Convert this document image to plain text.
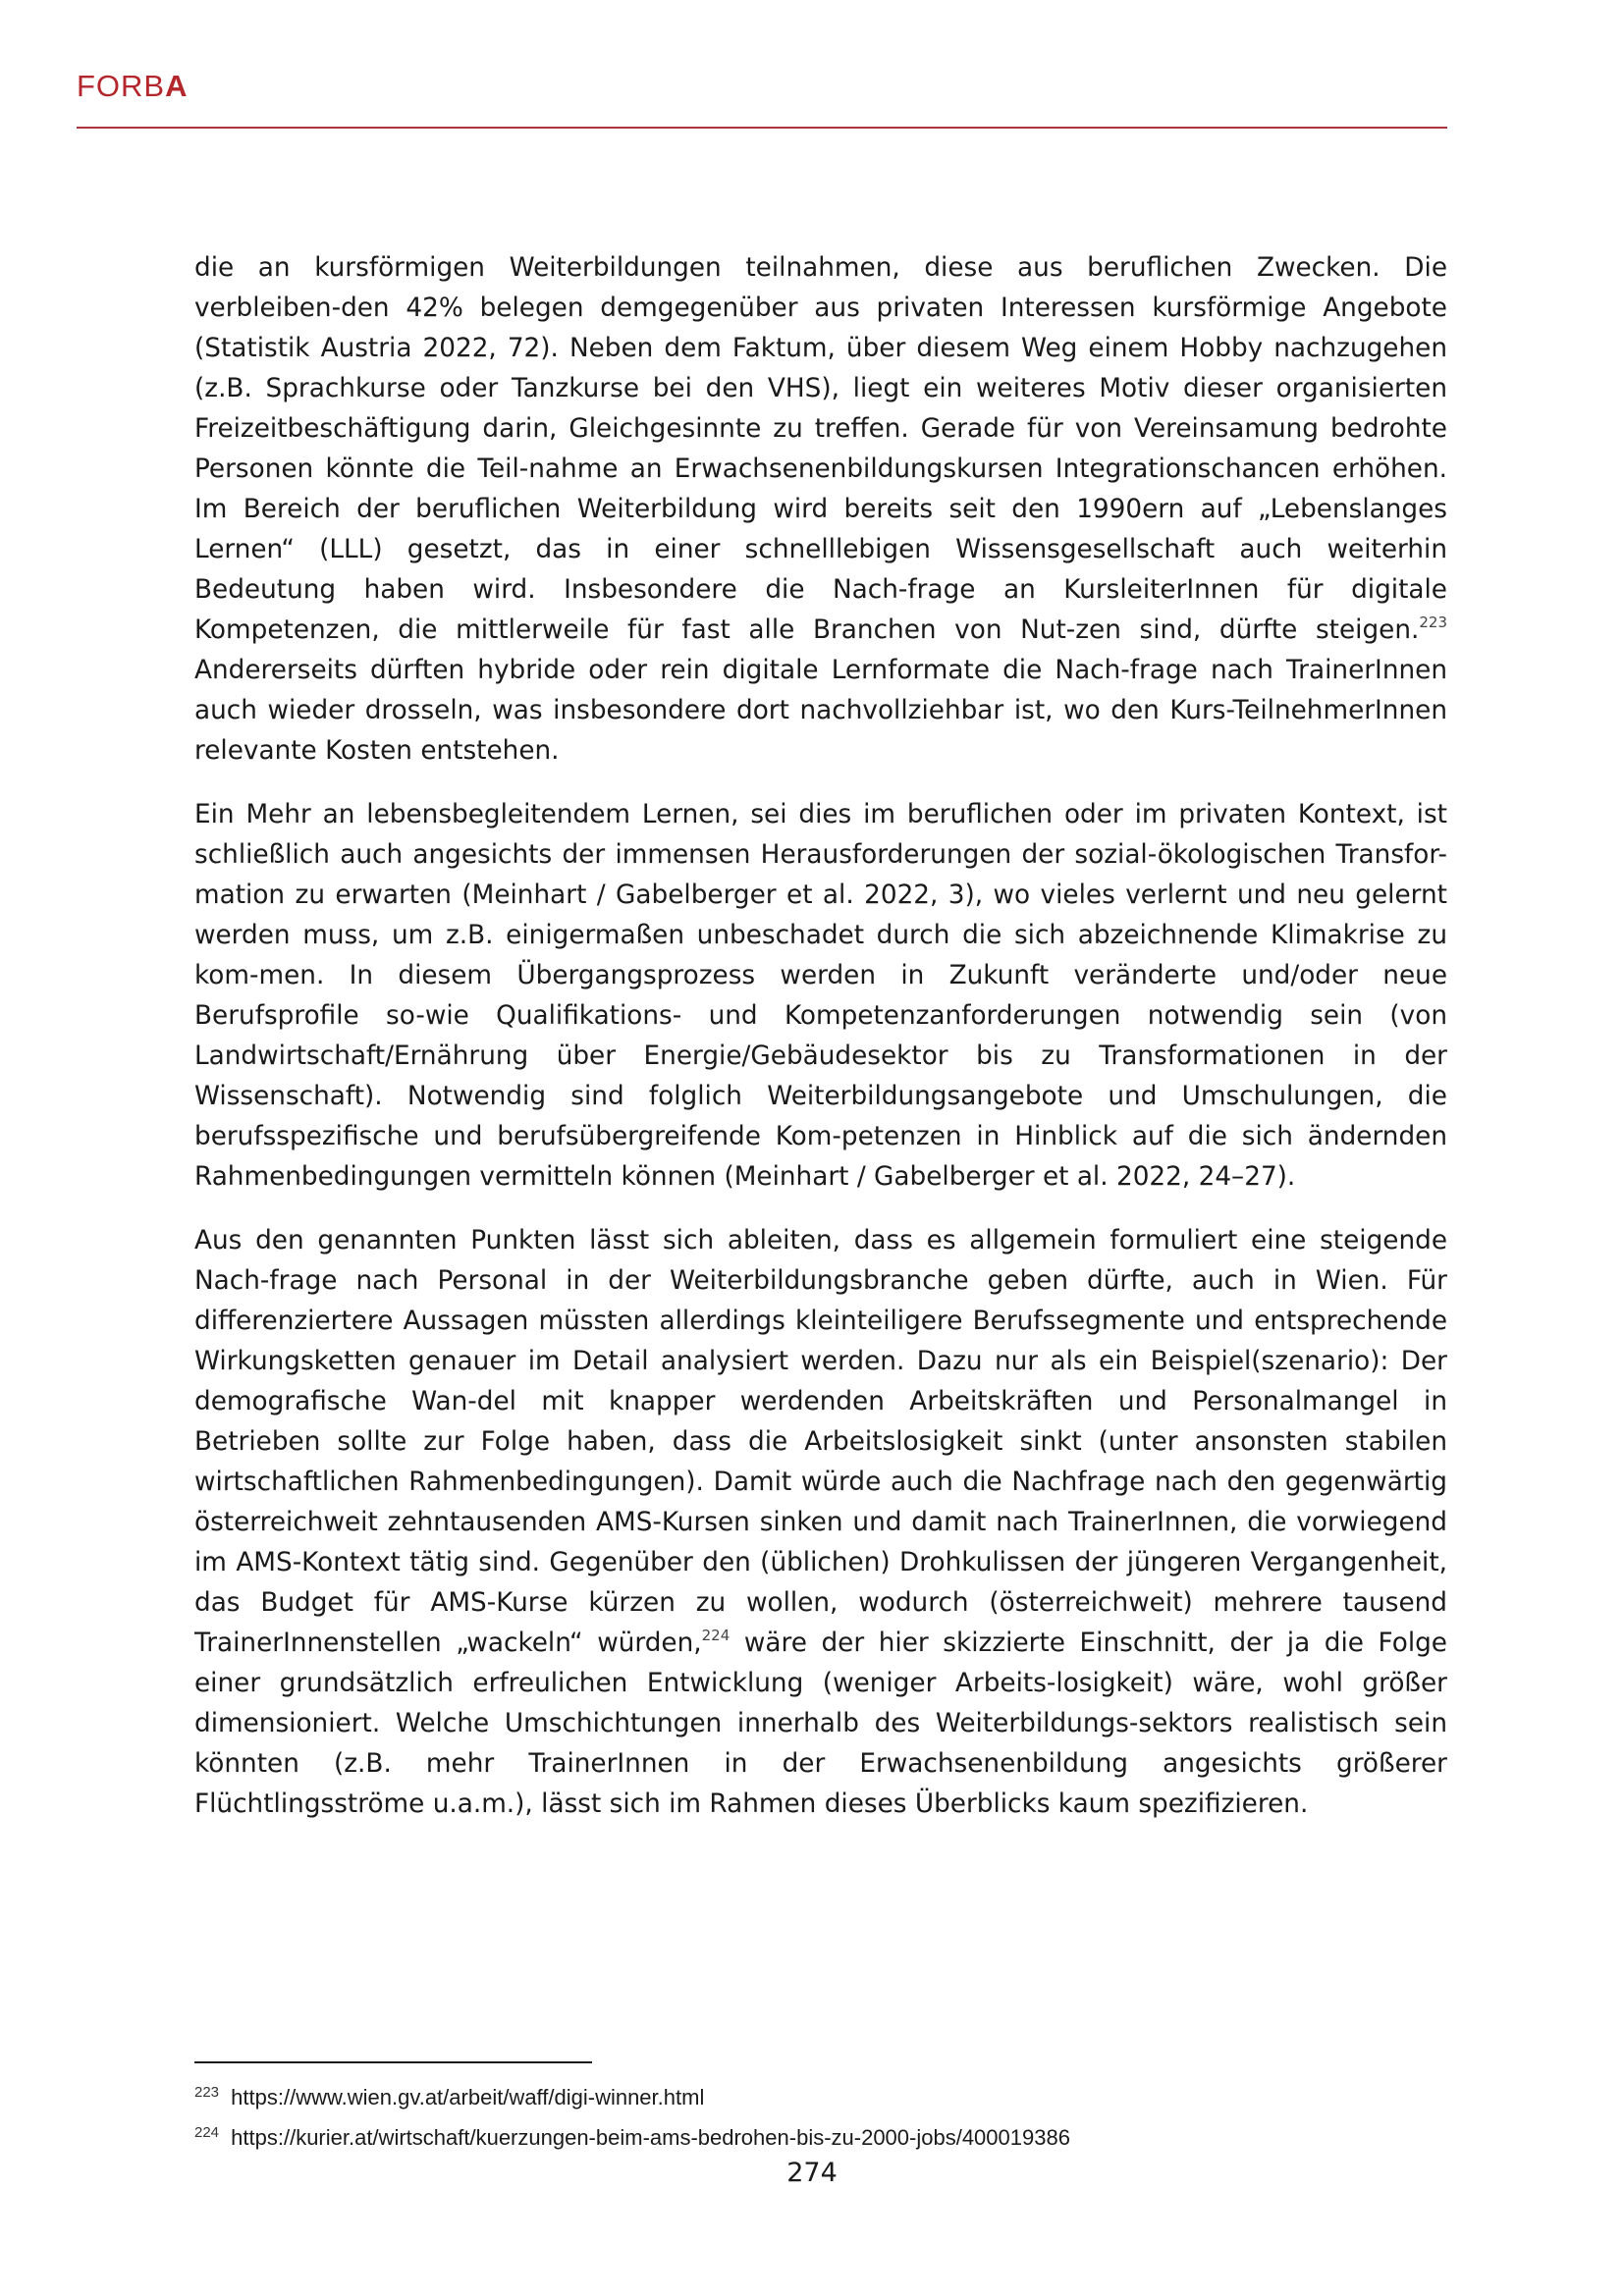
FORBA

die an kursförmigen Weiterbildungen teilnahmen, diese aus beruflichen Zwecken. Die verbleiben-den 42% belegen demgegenüber aus privaten Interessen kursförmige Angebote (Statistik Austria 2022, 72). Neben dem Faktum, über diesem Weg einem Hobby nachzugehen (z.B. Sprachkurse oder Tanzkurse bei den VHS), liegt ein weiteres Motiv dieser organisierten Freizeitbeschäftigung darin, Gleichgesinnte zu treffen. Gerade für von Vereinsamung bedrohte Personen könnte die Teil-nahme an Erwachsenenbildungskursen Integrationschancen erhöhen. Im Bereich der beruflichen Weiterbildung wird bereits seit den 1990ern auf „Lebenslanges Lernen“ (LLL) gesetzt, das in einer schnelllebigen Wissensgesellschaft auch weiterhin Bedeutung haben wird. Insbesondere die Nach-frage an KursleiterInnen für digitale Kompetenzen, die mittlerweile für fast alle Branchen von Nut-zen sind, dürfte steigen.$^{223}$ Andererseits dürften hybride oder rein digitale Lernformate die Nach-frage nach TrainerInnen auch wieder drosseln, was insbesondere dort nachvollziehbar ist, wo den Kurs-TeilnehmerInnen relevante Kosten entstehen.

Ein Mehr an lebensbegleitendem Lernen, sei dies im beruflichen oder im privaten Kontext, ist schließlich auch angesichts der immensen Herausforderungen der sozial-ökologischen Transfor-mation zu erwarten (Meinhart / Gabelberger et al. 2022, 3), wo vieles verlernt und neu gelernt werden muss, um z.B. einigermaßen unbeschadet durch die sich abzeichnende Klimakrise zu kom-men. In diesem Übergangsprozess werden in Zukunft veränderte und/oder neue Berufsprofile so-wie Qualifikations- und Kompetenzanforderungen notwendig sein (von Landwirtschaft/Ernährung über Energie/Gebäudesektor bis zu Transformationen in der Wissenschaft). Notwendig sind folglich Weiterbildungsangebote und Umschulungen, die berufsspezifische und berufsübergreifende Kom-petenzen in Hinblick auf die sich ändernden Rahmenbedingungen vermitteln können (Meinhart / Gabelberger et al. 2022, 24–27).

Aus den genannten Punkten lässt sich ableiten, dass es allgemein formuliert eine steigende Nach-frage nach Personal in der Weiterbildungsbranche geben dürfte, auch in Wien. Für differenziertere Aussagen müssten allerdings kleinteiligere Berufssegmente und entsprechende Wirkungsketten genauer im Detail analysiert werden. Dazu nur als ein Beispiel(szenario): Der demografische Wan-del mit knapper werdenden Arbeitskräften und Personalmangel in Betrieben sollte zur Folge haben, dass die Arbeitslosigkeit sinkt (unter ansonsten stabilen wirtschaftlichen Rahmenbedingungen). Damit würde auch die Nachfrage nach den gegenwärtig österreichweit zehntausenden AMS-Kursen sinken und damit nach TrainerInnen, die vorwiegend im AMS-Kontext tätig sind. Gegenüber den (üblichen) Drohkulissen der jüngeren Vergangenheit, das Budget für AMS-Kurse kürzen zu wollen, wodurch (österreichweit) mehrere tausend TrainerInnenstellen „wackeln“ würden,$^{224}$ wäre der hier skizzierte Einschnitt, der ja die Folge einer grundsätzlich erfreulichen Entwicklung (weniger Arbeits-losigkeit) wäre, wohl größer dimensioniert. Welche Umschichtungen innerhalb des Weiterbildungs-sektors realistisch sein könnten (z.B. mehr TrainerInnen in der Erwachsenenbildung angesichts größerer Flüchtlingsströme u.a.m.), lässt sich im Rahmen dieses Überblicks kaum spezifizieren.

$^{223}$ https://www.wien.gv.at/arbeit/waff/digi-winner.html
$^{224}$ https://kurier.at/wirtschaft/kuerzungen-beim-ams-bedrohen-bis-zu-2000-jobs/400019386
274
